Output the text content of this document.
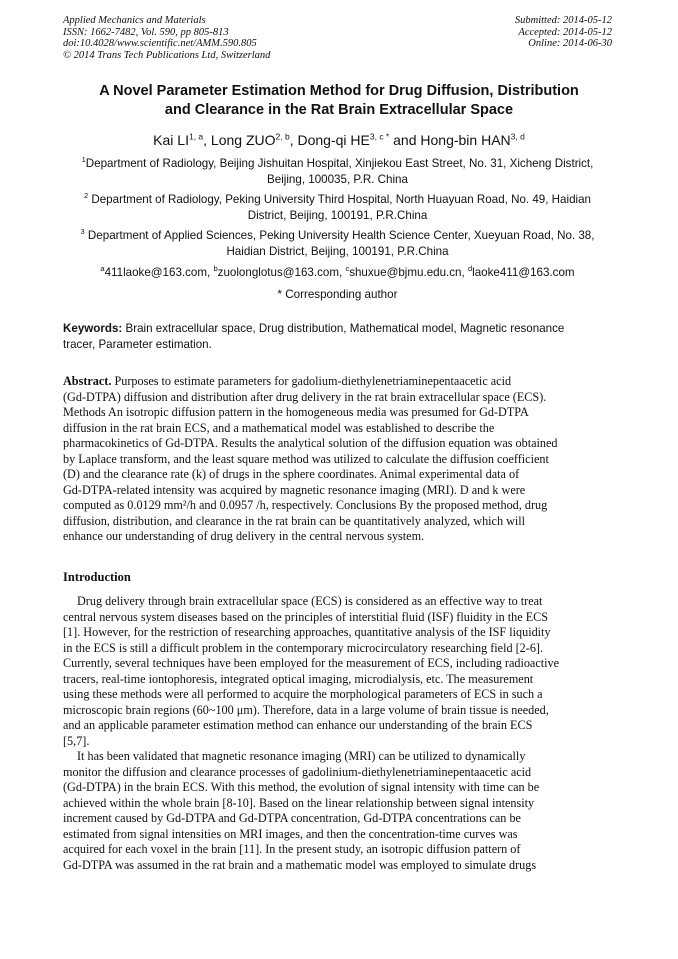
Applied Mechanics and Materials
ISSN: 1662-7482, Vol. 590, pp 805-813
doi:10.4028/www.scientific.net/AMM.590.805
© 2014 Trans Tech Publications Ltd, Switzerland
Submitted: 2014-05-12
Accepted: 2014-05-12
Online: 2014-06-30
A Novel Parameter Estimation Method for Drug Diffusion, Distribution
and Clearance in the Rat Brain Extracellular Space
Kai LI$^{1, a}$, Long ZUO$^{2, b}$, Dong-qi $HE^{3, c *}$ and Hong-bin HAN$^{3, d}$
$^1$Department of Radiology, Beijing Jishuitan Hospital, Xinjiekou East Street, No. 31, Xicheng District,
Beijing, 100035, P.R. China
$^2$ Department of Radiology, Peking University Third Hospital, North Huayuan Road, No. 49, Haidian
District, Beijing, 100191, P.R.China
$^3$ Department of Applied Sciences, Peking University Health Science Center, Xueyuan Road, No. 38,
Haidian District, Beijing, 100191, P.R.China
$^a$411laoke@163.com, $^b$zuolonglotus@163.com, $^c$shuxue@bjmu.edu.cn, $^d$laoke411@163.com
* Corresponding author
Keywords: Brain extracellular space, Drug distribution, Mathematical model, Magnetic resonance
tracer, Parameter estimation.
Abstract. Purposes to estimate parameters for gadolium-diethylenetriaminepentaacetic acid
(Gd-DTPA) diffusion and distribution after drug delivery in the rat brain extracellular space (ECS).
Methods An isotropic diffusion pattern in the homogeneous media was presumed for Gd-DTPA
diffusion in the rat brain ECS, and a mathematical model was established to describe the
pharmacokinetics of Gd-DTPA. Results the analytical solution of the diffusion equation was obtained
by Laplace transform, and the least square method was utilized to calculate the diffusion coefficient
(D) and the clearance rate (k) of drugs in the sphere coordinates. Animal experimental data of
Gd-DTPA-related intensity was acquired by magnetic resonance imaging (MRI). D and k were
computed as 0.0129 mm²/h and 0.0957 /h, respectively. Conclusions By the proposed method, drug
diffusion, distribution, and clearance in the rat brain can be quantitatively analyzed, which will
enhance our understanding of drug delivery in the central nervous system.
Introduction
Drug delivery through brain extracellular space (ECS) is considered as an effective way to treat
central nervous system diseases based on the principles of interstitial fluid (ISF) fluidity in the ECS
[1]. However, for the restriction of researching approaches, quantitative analysis of the ISF liquidity
in the ECS is still a difficult problem in the contemporary microcirculatory researching field [2-6].
Currently, several techniques have been employed for the measurement of ECS, including radioactive
tracers, real-time iontophoresis, integrated optical imaging, microdialysis, etc. The measurement
using these methods were all performed to acquire the morphological parameters of ECS in such a
microscopic brain regions (60~100 μm). Therefore, data in a large volume of brain tissue is needed,
and an applicable parameter estimation method can enhance our understanding of the brain ECS
[5,7].
It has been validated that magnetic resonance imaging (MRI) can be utilized to dynamically
monitor the diffusion and clearance processes of gadolinium-diethylenetriaminepentaacetic acid
(Gd-DTPA) in the brain ECS. With this method, the evolution of signal intensity with time can be
achieved within the whole brain [8-10]. Based on the linear relationship between signal intensity
increment caused by Gd-DTPA and Gd-DTPA concentration, Gd-DTPA concentrations can be
estimated from signal intensities on MRI images, and then the concentration-time curves was
acquired for each voxel in the brain [11]. In the present study, an isotropic diffusion pattern of
Gd-DTPA was assumed in the rat brain and a mathematic model was employed to simulate drugs
